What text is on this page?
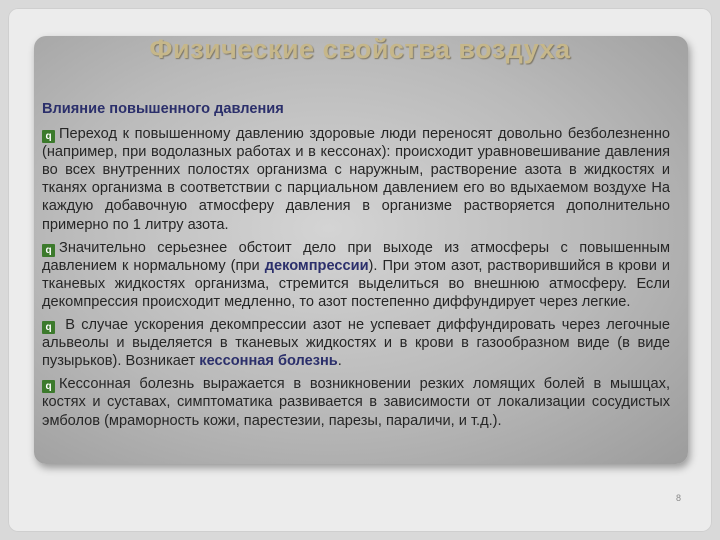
Физические свойства воздуха

Влияние повышенного давления

q Переход к повышенному давлению здоровые люди переносят довольно безболезненно (например, при водолазных работах и в кессонах): происходит уравновешивание давления во всех внутренних полостях организма с наружным, растворение азота в жидкостях и тканях организма в соответствии с парциальном давлением его во вдыхаемом воздухе На каждую добавочную атмосферу давления в организме растворяется дополнительно примерно по 1 литру азота.

q Значительно серьезнее обстоит дело при выходе из атмосферы с повышенным давлением к нормальному (при декомпрессии). При этом азот, растворившийся в крови и тканевых жидкостях организма, стремится выделиться во внешнюю атмосферу. Если декомпрессия происходит медленно, то азот постепенно диффундирует через легкие.

q В случае ускорения декомпрессии азот не успевает диффундировать через легочные альвеолы и выделяется в тканевых жидкостях и в крови в газообразном виде (в виде пузырьков). Возникает кессонная болезнь.

q Кессонная болезнь выражается в возникновении резких ломящих болей в мышцах, костях и суставах, симптоматика развивается в зависимости от локализации сосудистых эмболов (мраморность кожи, парестезии, парезы, параличи, и т.д.).

8
